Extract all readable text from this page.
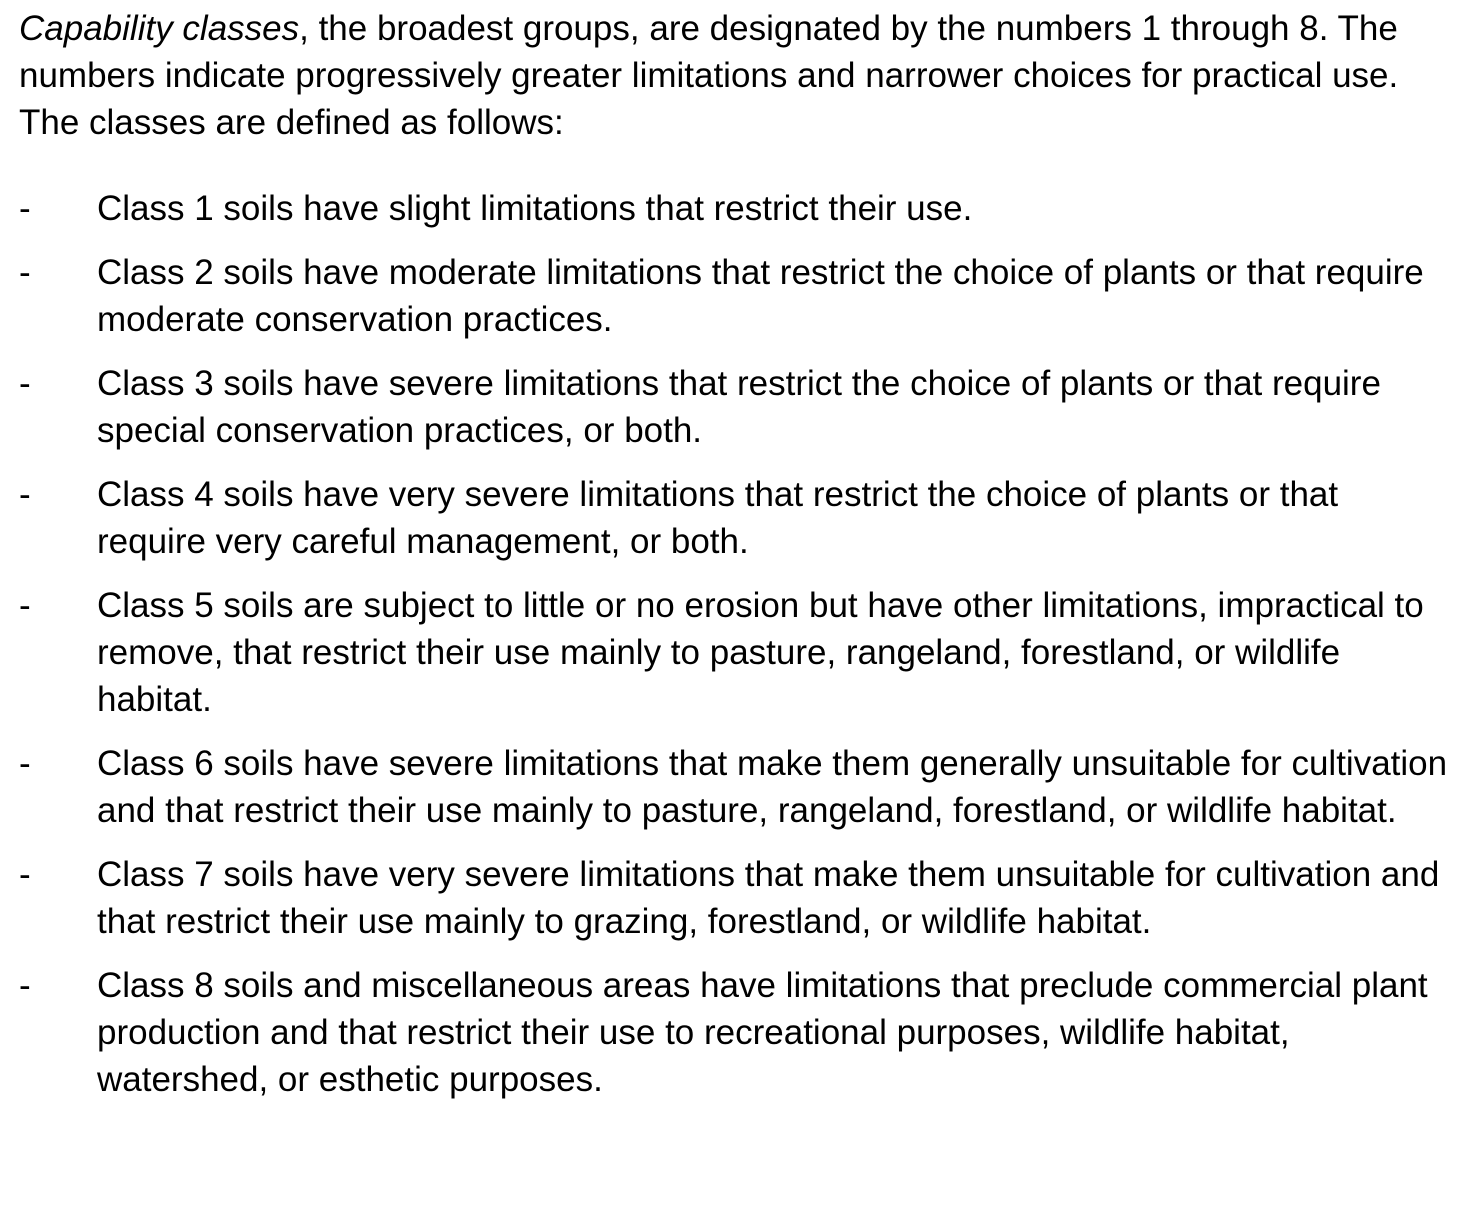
Capability classes, the broadest groups, are designated by the numbers 1 through 8. The numbers indicate progressively greater limitations and narrower choices for practical use. The classes are defined as follows:

-	Class 1 soils have slight limitations that restrict their use.
-	Class 2 soils have moderate limitations that restrict the choice of plants or that require moderate conservation practices.
-	Class 3 soils have severe limitations that restrict the choice of plants or that require special conservation practices, or both.
-	Class 4 soils have very severe limitations that restrict the choice of plants or that require very careful management, or both.
-	Class 5 soils are subject to little or no erosion but have other limitations, impractical to remove, that restrict their use mainly to pasture, rangeland, forestland, or wildlife habitat.
-	Class 6 soils have severe limitations that make them generally unsuitable for cultivation and that restrict their use mainly to pasture, rangeland, forestland, or wildlife habitat.
-	Class 7 soils have very severe limitations that make them unsuitable for cultivation and that restrict their use mainly to grazing, forestland, or wildlife habitat.
-	Class 8 soils and miscellaneous areas have limitations that preclude commercial plant production and that restrict their use to recreational purposes, wildlife habitat, watershed, or esthetic purposes.
